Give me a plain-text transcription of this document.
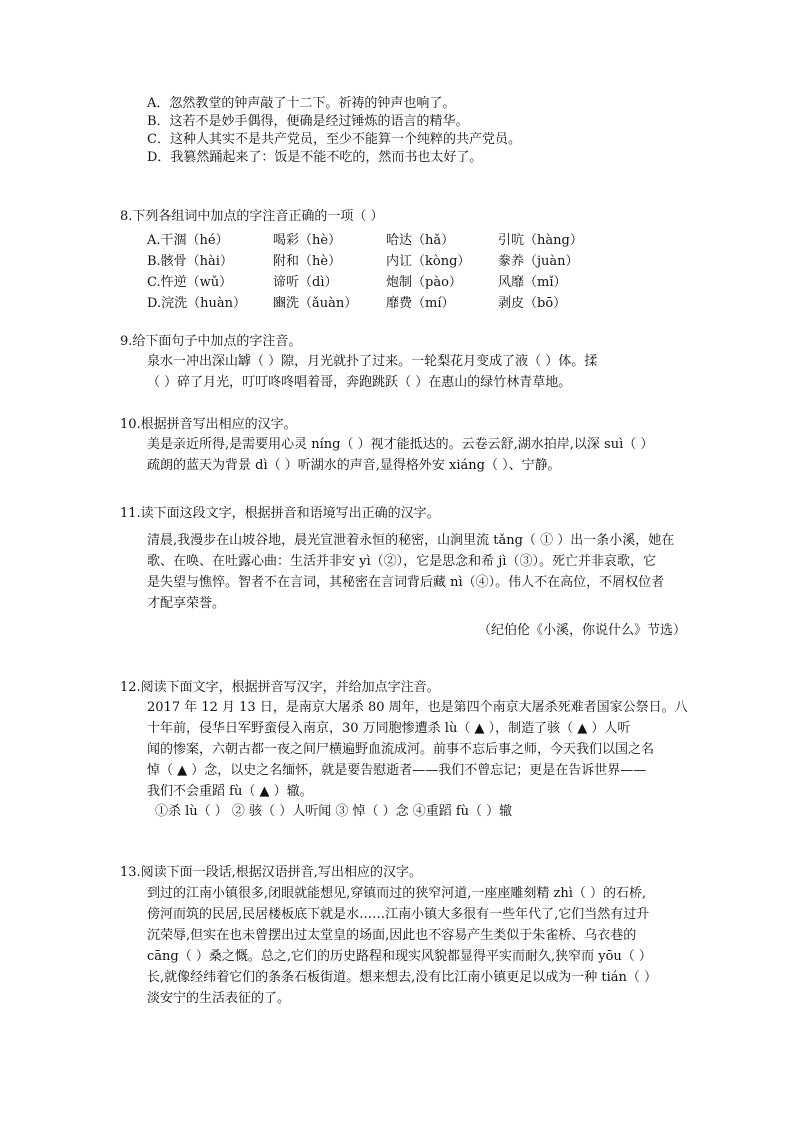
A．忽然教堂的钟声敲了十二下。祈祷的钟声也响了。
B．这若不是妙手偶得，便确是经过锤炼的语言的精华。
C．这种人其实不是共产党员，至少不能算一个纯粹的共产党员。
D．我篡然踊起来了：饭是不能不吃的，然而书也太好了。
8.下列各组词中加点的字注音正确的一项（ ）
A.干涸（hé）	喝彩（hè）	哈达（hǎ）	引吭（hàng）
B.骸骨（hài）	附和（hè）	内讧（kòng） 豢养（juàn）
C.忤逆（wǔ）	谛听（dì）	炮制（pào）	风靡（mǐ）
D.浣洗（huàn） 豳洗（ǎuàn） 靡费（mí）	剥皮（bō）
9.给下面句子中加点的字注音。
泉水一冲出深山罅（ ）隙，月光就扑了过来。一轮梨花月变成了液（ ）体。揉
（ ）碎了月光，叮叮咚咚唱着哥，奔跑跳跃（ ）在惠山的绿竹林青草地。
10.根据拼音写出相应的汉字。
美是亲近所得,是需要用心灵 níng（ ）视才能抵达的。云卷云舒,湖水拍岸,以深 suì（ ）
疏朗的蓝天为背景 dì（ ）听湖水的声音,显得格外安 xiáng（ ）、宁静。
11.读下面这段文字，根据拼音和语境写出正确的汉字。
清晨,我漫步在山坡谷地，晨光宣泄着永恒的秘密，山涧里流 tǎng（ ① ）出一条小溪，她在
歌、在唤、在吐露心曲：生活并非安 yì（②），它是思念和希 jì（③）。死亡并非哀歌，它
是失望与憔悴。智者不在言词，其秘密在言词背后藏 nì（④）。伟人不在高位，不屑权位者
才配享荣誉。
（纪伯伦《小溪，你说什么》节选）
12.阅读下面文字，根据拼音写汉字，并给加点字注音。
2017 年 12 月 13 日，是南京大屠杀 80 周年，也是第四个南京大屠杀死难者国家公祭日。八
十年前，侵华日军野蛮侵入南京，30 万同胞惨遭杀 lù（ ▲ ），制造了骇（ ▲ ）人听
闻的惨案，六朝古都一夜之间尸横遍野血流成河。前事不忘后事之师，今天我们以国之名
悼（ ▲ ）念，以史之名缅怀，就是要告慰逝者——我们不曾忘记；更是在告诉世界——
我们不会重蹈 fù（ ▲ ）辙。
①杀 lù（ ） ② 骇（ ）人听闻 ③ 悼（ ）念 ④重蹈 fù（ ）辙
13.阅读下面一段话,根据汉语拼音,写出相应的汉字。
到过的江南小镇很多,闭眼就能想见,穿镇而过的狭窄河道,一座座雕刻精 zhì（ ）的石桥,
傍河而筑的民居,民居楼板底下就是水……江南小镇大多很有一些年代了,它们当然有过升
沉荣辱,但实在也未曾摆出过太堂皇的场面,因此也不容易产生类似于朱雀桥、乌衣巷的
cāng（ ）桑之慨。总之,它们的历史路程和现实风貌都显得平实而耐久,狭窄而 yōu（ ）
长,就像经纬着它们的条条石板街道。想来想去,没有比江南小镇更足以成为一种 tián（ ）
淡安宁的生活表征的了。
